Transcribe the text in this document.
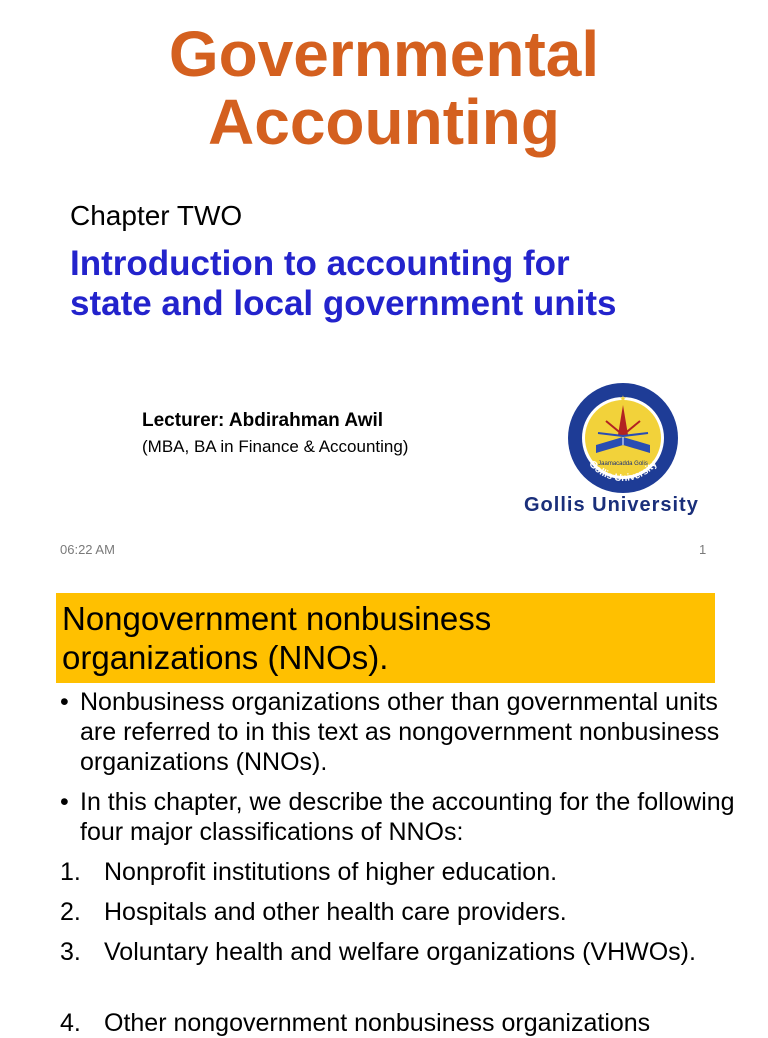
Governmental
Accounting
Chapter TWO
Introduction to accounting for
state and local government units
Lecturer: Abdirahman Awil
(MBA, BA in Finance & Accounting)
★
Gollis University
Jaamacadda Golis
Gollis University
06:22 AM	1
Nongovernment nonbusiness
organizations (NNOs).
• Nonbusiness organizations other than governmental units are referred to in this text as nongovernment nonbusiness organizations (NNOs).
• In this chapter, we describe the accounting for the following four major classifications of NNOs:
1. Nonprofit institutions of higher education.
2. Hospitals and other health care providers.
3. Voluntary health and welfare organizations (VHWOs).
4. Other nongovernment nonbusiness organizations
